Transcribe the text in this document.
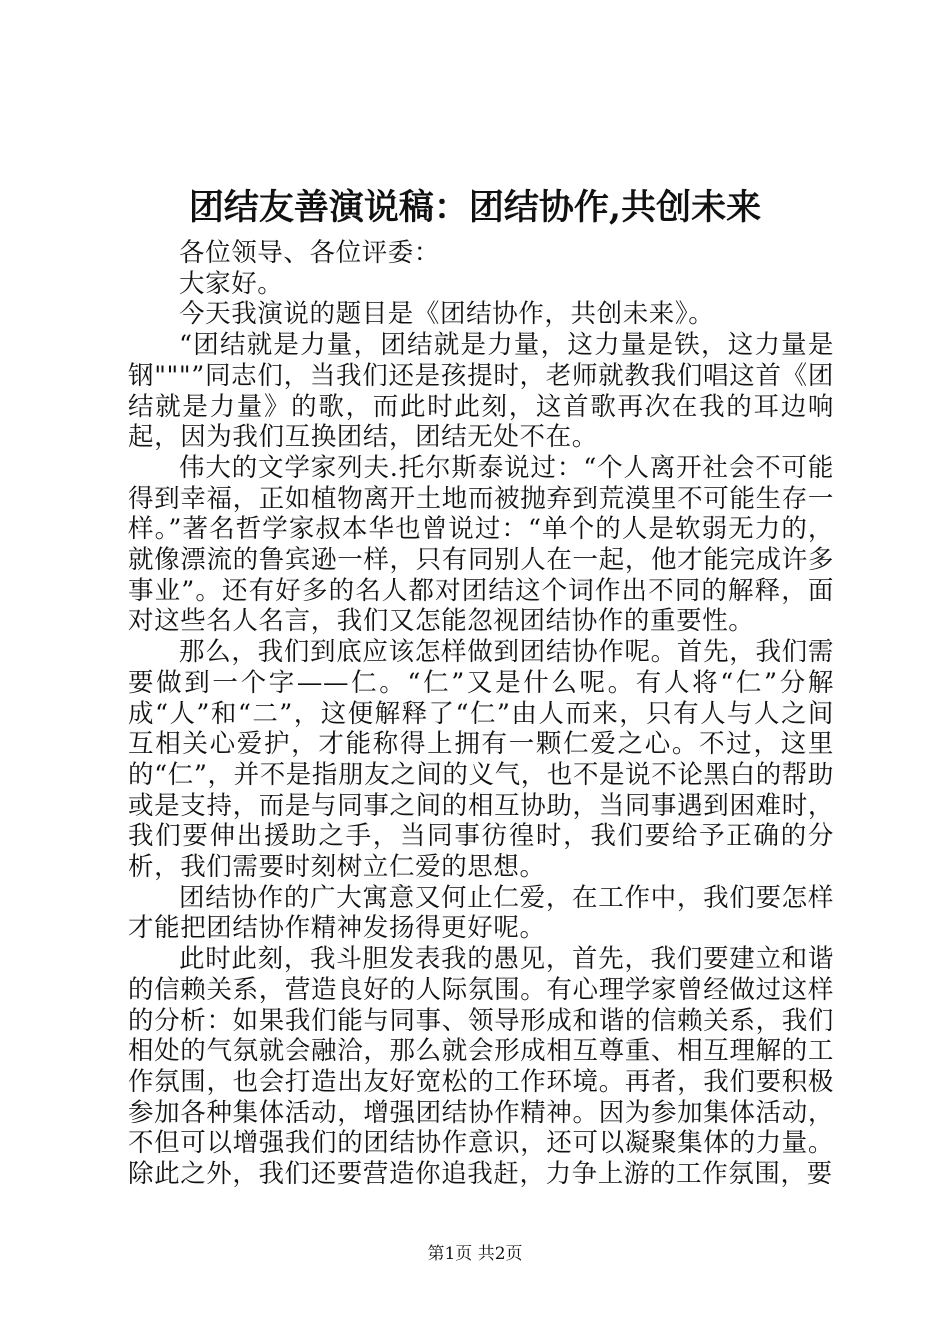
团结友善演说稿：团结协作,共创未来

各位领导、各位评委：

大家好。

今天我演说的题目是《团结协作，共创未来》。

“团结就是力量，团结就是力量，这力量是铁，这力量是钢"""”同志们，当我们还是孩提时，老师就教我们唱这首《团结就是力量》的歌，而此时此刻，这首歌再次在我的耳边响起，因为我们互换团结，团结无处不在。

伟大的文学家列夫.托尔斯泰说过：“个人离开社会不可能得到幸福，正如植物离开土地而被抛弃到荒漠里不可能生存一样。”著名哲学家叔本华也曾说过：“单个的人是软弱无力的，就像漂流的鲁宾逊一样，只有同别人在一起，他才能完成许多事业”。还有好多的名人都对团结这个词作出不同的解释，面对这些名人名言，我们又怎能忽视团结协作的重要性。

那么，我们到底应该怎样做到团结协作呢。首先，我们需要做到一个字——仁。“仁”又是什么呢。有人将“仁”分解成“人”和“二”，这便解释了“仁”由人而来，只有人与人之间互相关心爱护，才能称得上拥有一颗仁爱之心。不过，这里的“仁”，并不是指朋友之间的义气，也不是说不论黑白的帮助或是支持，而是与同事之间的相互协助，当同事遇到困难时，我们要伸出援助之手，当同事彷徨时，我们要给予正确的分析，我们需要时刻树立仁爱的思想。

团结协作的广大寓意又何止仁爱，在工作中，我们要怎样才能把团结协作精神发扬得更好呢。

此时此刻，我斗胆发表我的愚见，首先，我们要建立和谐的信赖关系，营造良好的人际氛围。有心理学家曾经做过这样的分析：如果我们能与同事、领导形成和谐的信赖关系，我们相处的气氛就会融洽，那么就会形成相互尊重、相互理解的工作氛围，也会打造出友好宽松的工作环境。再者，我们要积极参加各种集体活动，增强团结协作精神。因为参加集体活动，不但可以增强我们的团结协作意识，还可以凝聚集体的力量。除此之外，我们还要营造你追我赶，力争上游的工作氛围，要

第1页 共2页
